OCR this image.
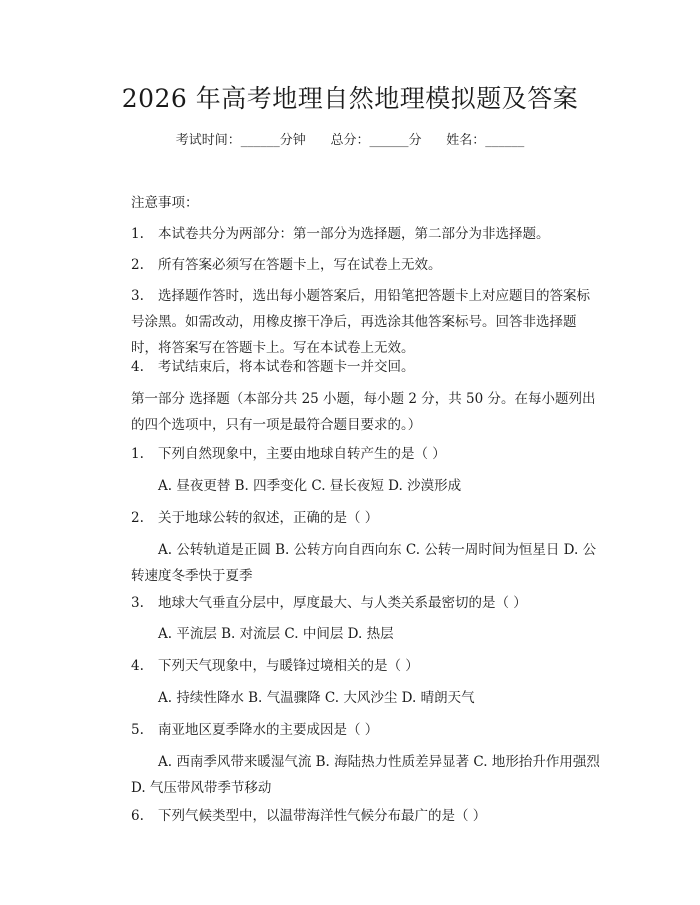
2026 年高考地理自然地理模拟题及答案
考试时间：______分钟      总分：______分      姓名：______

注意事项：

1. 本试卷共分为两部分：第一部分为选择题，第二部分为非选择题。

2. 所有答案必须写在答题卡上，写在试卷上无效。

3. 选择题作答时，选出每小题答案后，用铅笔把答题卡上对应题目的答案标号涂黑。如需改动，用橡皮擦干净后，再选涂其他答案标号。回答非选择题时，将答案写在答题卡上。写在本试卷上无效。

4. 考试结束后，将本试卷和答题卡一并交回。

第一部分 选择题（本部分共 25 小题，每小题 2 分，共 50 分。在每小题列出的四个选项中，只有一项是最符合题目要求的。）

1. 下列自然现象中，主要由地球自转产生的是（ ）

A. 昼夜更替 B. 四季变化 C. 昼长夜短 D. 沙漠形成

2. 关于地球公转的叙述，正确的是（ ）

A. 公转轨道是正圆 B. 公转方向自西向东 C. 公转一周时间为恒星日 D. 公转速度冬季快于夏季

3. 地球大气垂直分层中，厚度最大、与人类关系最密切的是（ ）

A. 平流层 B. 对流层 C. 中间层 D. 热层

4. 下列天气现象中，与暖锋过境相关的是（ ）

A. 持续性降水 B. 气温骤降 C. 大风沙尘 D. 晴朗天气

5. 南亚地区夏季降水的主要成因是（ ）

A. 西南季风带来暖湿气流 B. 海陆热力性质差异显著 C. 地形抬升作用强烈 D. 气压带风带季节移动

6. 下列气候类型中，以温带海洋性气候分布最广的是（ ）
